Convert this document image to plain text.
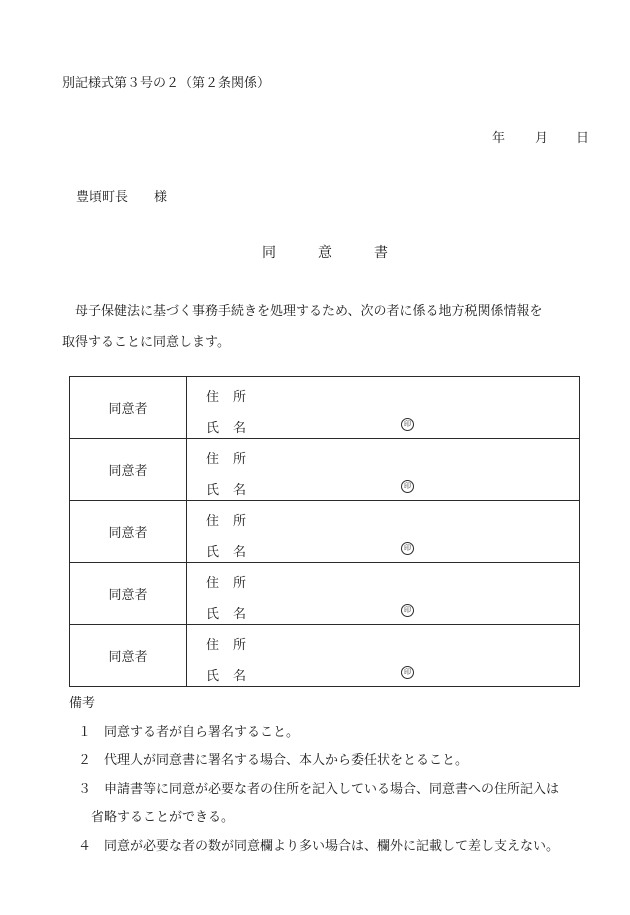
別記様式第３号の２（第２条関係）
年 月 日
豊頃町長 様
同	意	書
母子保健法に基づく事務手続きを処理するため、次の者に係る地方税関係情報を
取得することに同意します。
同意者	住 所
氏 名 印

同意者	住 所
氏 名 印

同意者	住 所
氏 名 印

同意者	住 所
氏 名 印

同意者	住 所
氏 名 印
備考
１ 同意する者が自ら署名すること。
２ 代理人が同意書に署名する場合、本人から委任状をとること。
３ 申請書等に同意が必要な者の住所を記入している場合、同意書への住所記入は
省略することができる。
４ 同意が必要な者の数が同意欄より多い場合は、欄外に記載して差し支えない。
